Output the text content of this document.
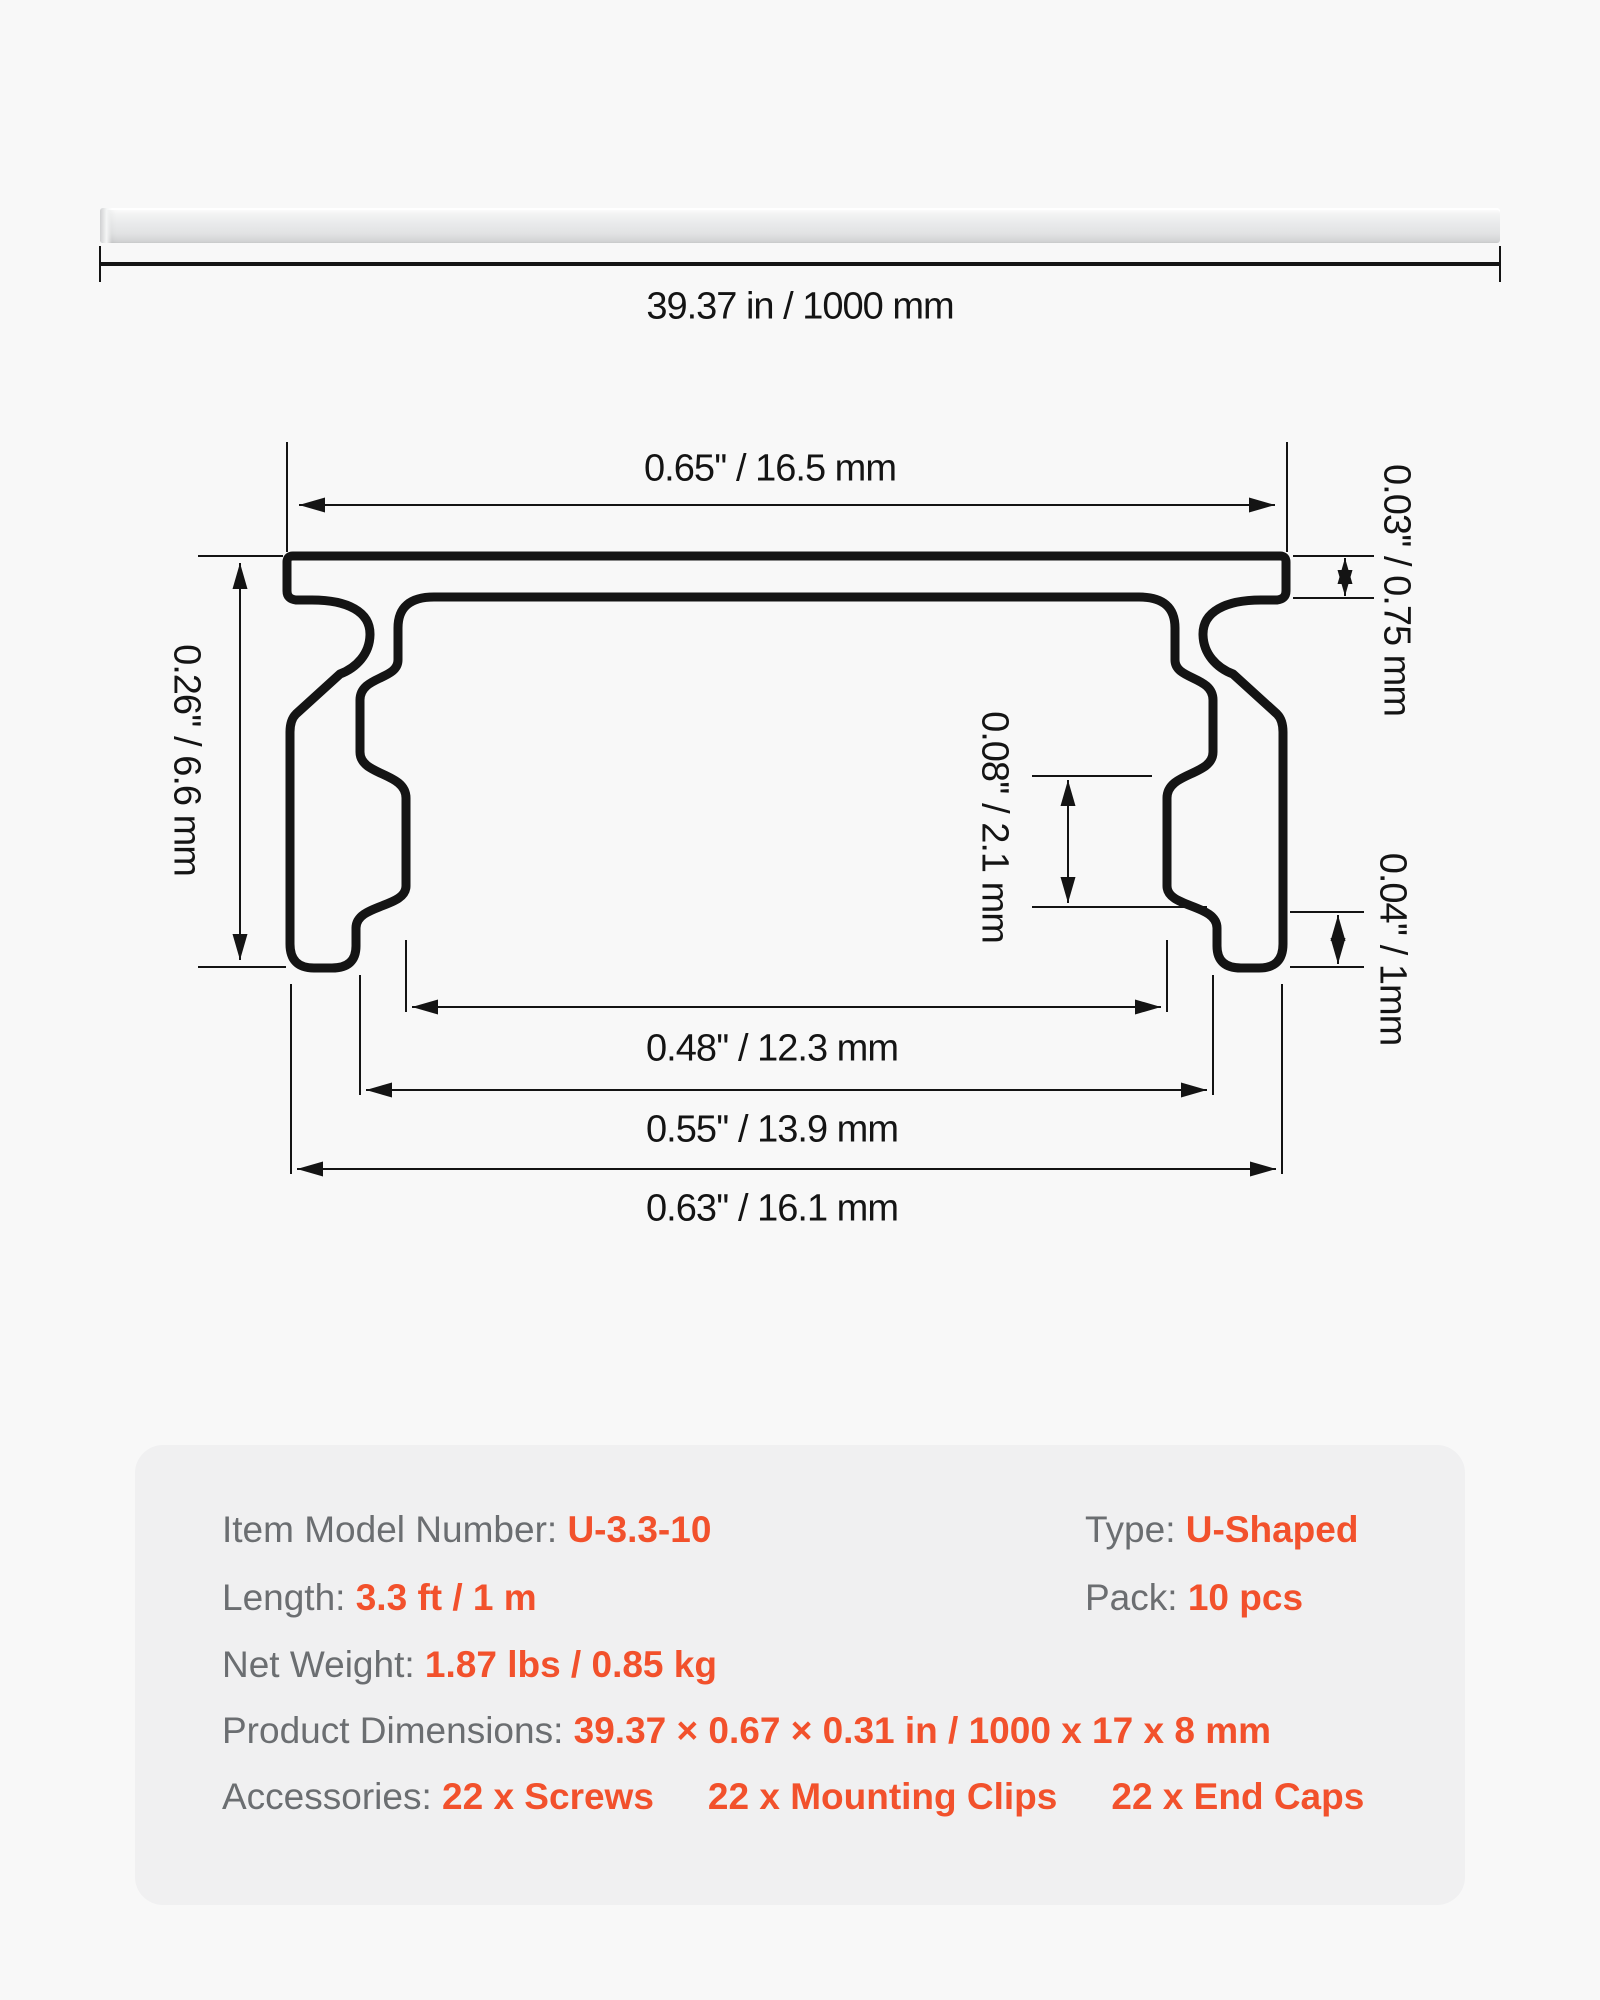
39.37 in / 1000 mm
0.65'' / 16.5 mm
0.26'' / 6.6 mm
0.03'' / 0.75 mm
0.08'' / 2.1 mm
0.04'' / 1mm
0.48'' / 12.3 mm
0.55'' / 13.9 mm
0.63'' / 16.1 mm
Item Model Number: U-3.3-10	Type: U-Shaped
Length: 3.3 ft / 1 m	Pack: 10 pcs
Net Weight: 1.87 lbs / 0.85 kg
Product Dimensions: 39.37 × 0.67 × 0.31 in / 1000 x 17 x 8 mm
Accessories: 22 x Screws 22 x Mounting Clips 22 x End Caps
